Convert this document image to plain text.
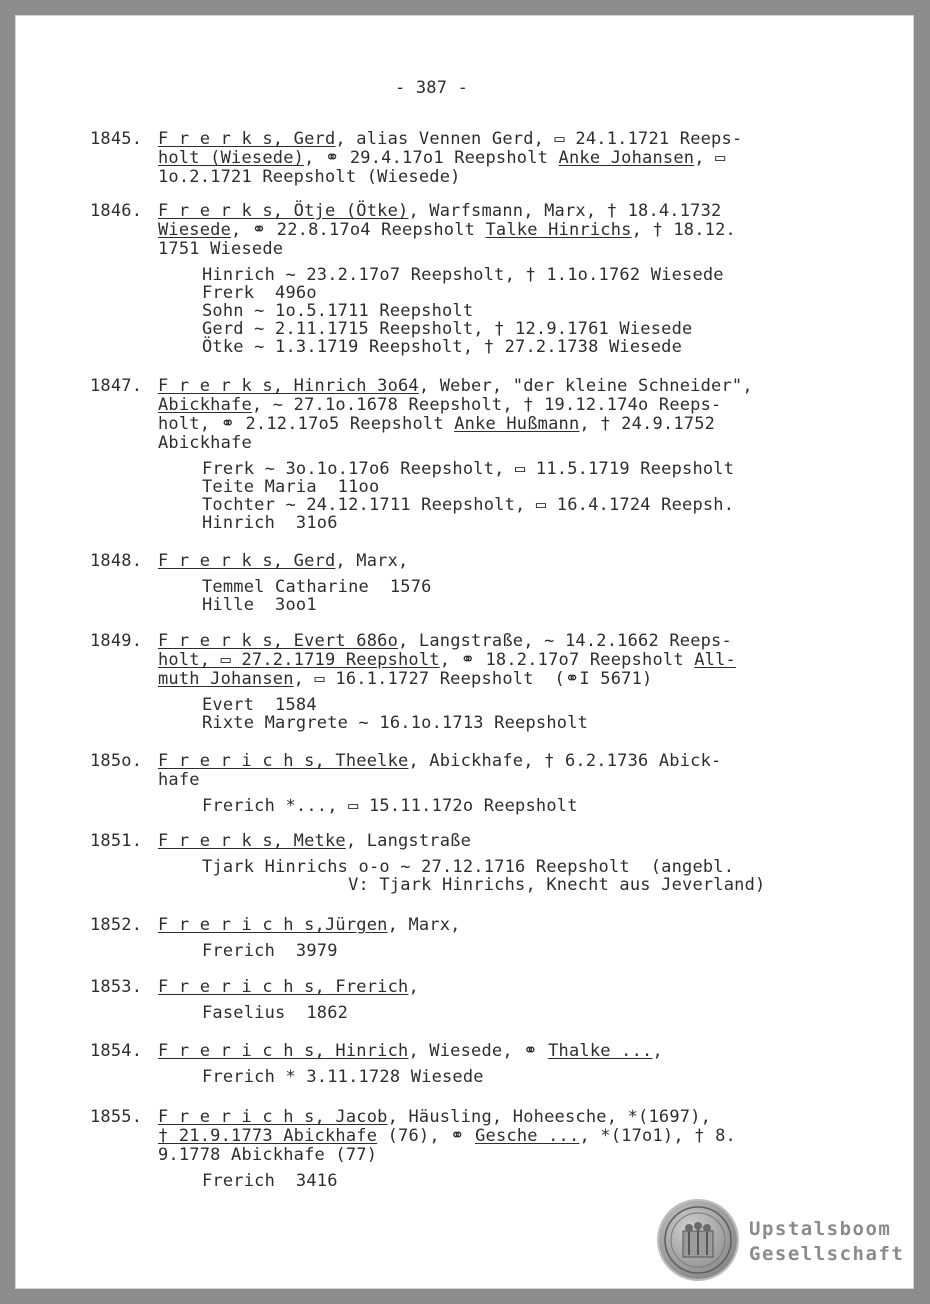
- 387 -
1845. F r e r k s, Gerd, alias Vennen Gerd, ▭ 24.1.1721 Reeps-
holt (Wiesede), ⚭ 29.4.17o1 Reepsholt Anke Johansen, ▭
1o.2.1721 Reepsholt (Wiesede)
1846. F r e r k s, Ötje (Ötke), Warfsmann, Marx, † 18.4.1732
Wiesede, ⚭ 22.8.17o4 Reepsholt Talke Hinrichs, † 18.12.
1751 Wiesede
Hinrich ~ 23.2.17o7 Reepsholt, † 1.1o.1762 Wiesede
Frerk  496o
Sohn ~ 1o.5.1711 Reepsholt
Gerd ~ 2.11.1715 Reepsholt, † 12.9.1761 Wiesede
Ötke ~ 1.3.1719 Reepsholt, † 27.2.1738 Wiesede
1847. F r e r k s, Hinrich 3o64, Weber, "der kleine Schneider",
Abickhafe, ~ 27.1o.1678 Reepsholt, † 19.12.174o Reeps-
holt, ⚭ 2.12.17o5 Reepsholt Anke Hußmann, † 24.9.1752
Abickhafe
Frerk ~ 3o.1o.17o6 Reepsholt, ▭ 11.5.1719 Reepsholt
Teite Maria  11oo
Tochter ~ 24.12.1711 Reepsholt, ▭ 16.4.1724 Reepsh.
Hinrich  31o6
1848. F r e r k s, Gerd, Marx,
Temmel Catharine  1576
Hille  3oo1
1849. F r e r k s, Evert 686o, Langstraße, ~ 14.2.1662 Reeps-
holt, ▭ 27.2.1719 Reepsholt, ⚭ 18.2.17o7 Reepsholt All-
muth Johansen, ▭ 16.1.1727 Reepsholt  (⚭I 5671)
Evert  1584
Rixte Margrete ~ 16.1o.1713 Reepsholt
185o. F r e r i c h s, Theelke, Abickhafe, † 6.2.1736 Abick-
hafe
Frerich *..., ▭ 15.11.172o Reepsholt
1851. F r e r k s, Metke, Langstraße
Tjark Hinrichs o-o ~ 27.12.1716 Reepsholt  (angebl.
V: Tjark Hinrichs, Knecht aus Jeverland)
1852. F r e r i c h s,Jürgen, Marx,
Frerich  3979
1853. F r e r i c h s, Frerich,
Faselius  1862
1854. F r e r i c h s, Hinrich, Wiesede, ⚭ Thalke ...,
Frerich * 3.11.1728 Wiesede
1855. F r e r i c h s, Jacob, Häusling, Hoheesche, *(1697),
† 21.9.1773 Abickhafe (76), ⚭ Gesche ..., *(17o1), † 8.
9.1778 Abickhafe (77)
Frerich  3416
Upstalsboom
Gesellschaft
